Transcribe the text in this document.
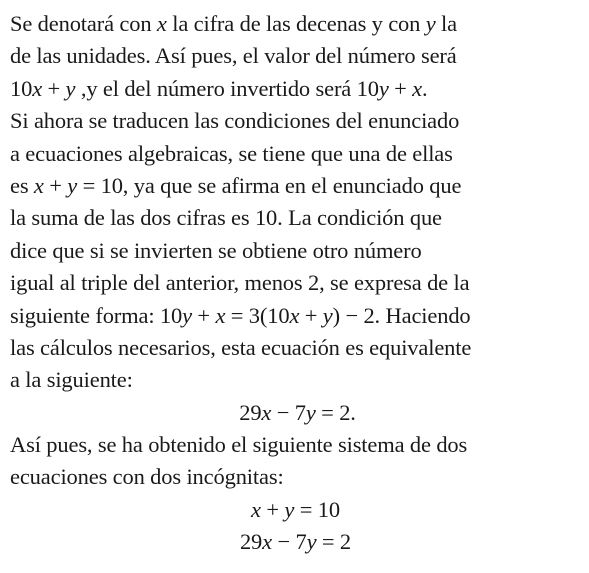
Se denotará con x la cifra de las decenas y con y la
de las unidades. Así pues, el valor del número será
10x + y ,y el del número invertido será 10y + x.
Si ahora se traducen las condiciones del enunciado
a ecuaciones algebraicas, se tiene que una de ellas
es x + y = 10, ya que se afirma en el enunciado que
la suma de las dos cifras es 10. La condición que
dice que si se invierten se obtiene otro número
igual al triple del anterior, menos 2, se expresa de la
siguiente forma: 10y + x = 3(10x + y) − 2. Haciendo
las cálculos necesarios, esta ecuación es equivalente
a la siguiente:
29x − 7y = 2.
Así pues, se ha obtenido el siguiente sistema de dos
ecuaciones con dos incógnitas:
x + y = 10
29x − 7y = 2
